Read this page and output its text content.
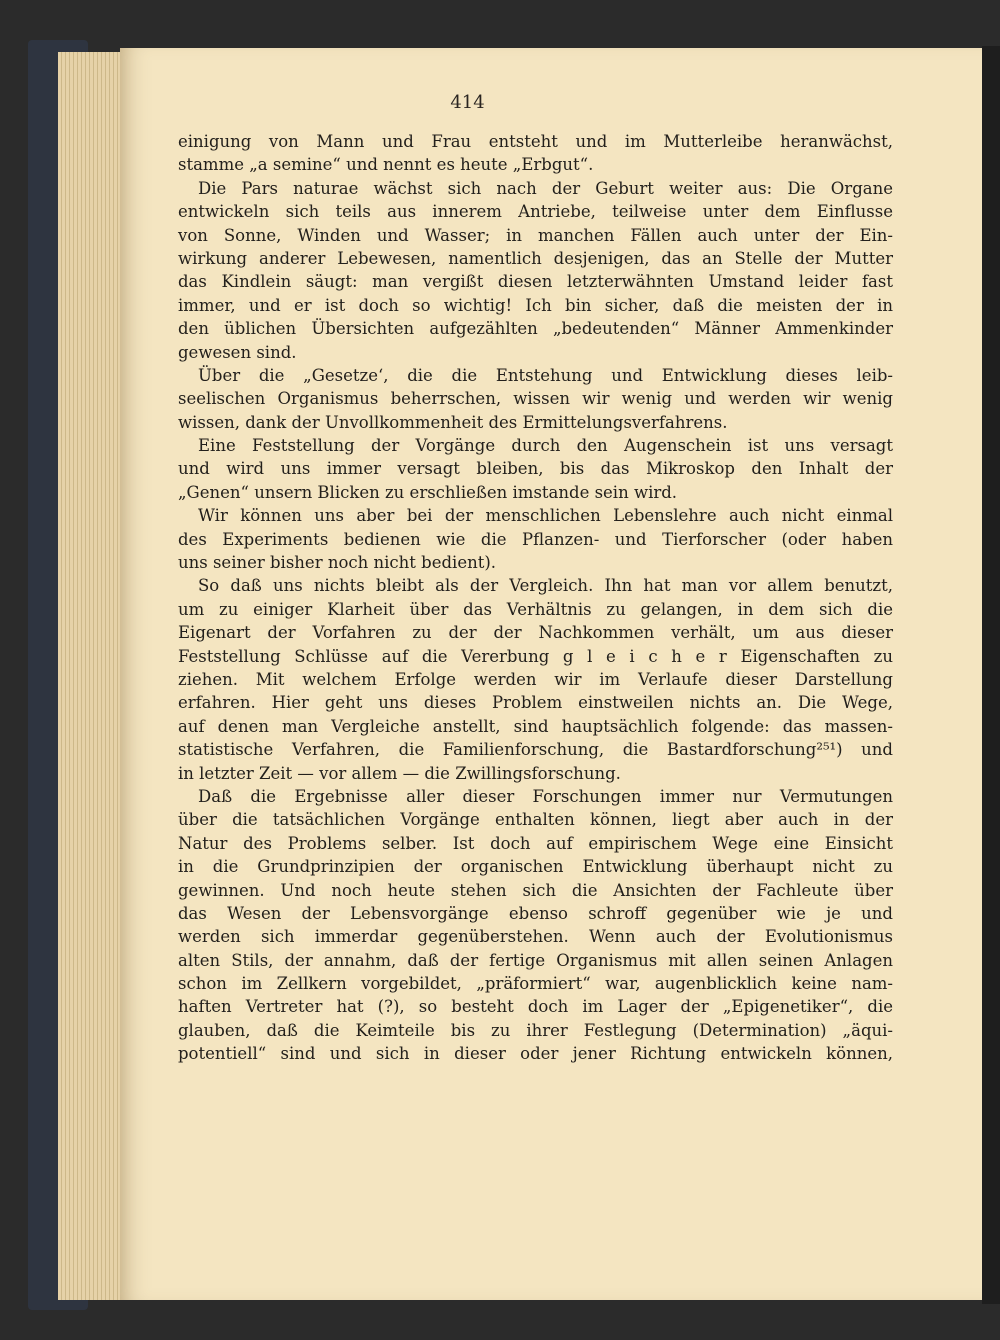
414
einigung von Mann und Frau entsteht und im Mutterleibe heranwächst,
stamme „a semine“ und nennt es heute „Erbgut“.
Die Pars naturae wächst sich nach der Geburt weiter aus: Die Organe
entwickeln sich teils aus innerem Antriebe, teilweise unter dem Einflusse
von Sonne, Winden und Wasser; in manchen Fällen auch unter der Ein-
wirkung anderer Lebewesen, namentlich desjenigen, das an Stelle der Mutter
das Kindlein säugt: man vergißt diesen letzterwähnten Umstand leider fast
immer, und er ist doch so wichtig! Ich bin sicher, daß die meisten der in
den üblichen Übersichten aufgezählten „bedeutenden“ Männer Ammenkinder
gewesen sind.
Über die „Gesetze‘, die die Entstehung und Entwicklung dieses leib-
seelischen Organismus beherrschen, wissen wir wenig und werden wir wenig
wissen, dank der Unvollkommenheit des Ermittelungsverfahrens.
Eine Feststellung der Vorgänge durch den Augenschein ist uns versagt
und wird uns immer versagt bleiben, bis das Mikroskop den Inhalt der
„Genen“ unsern Blicken zu erschließen imstande sein wird.
Wir können uns aber bei der menschlichen Lebenslehre auch nicht einmal
des Experiments bedienen wie die Pflanzen- und Tierforscher (oder haben
uns seiner bisher noch nicht bedient).
So daß uns nichts bleibt als der Vergleich. Ihn hat man vor allem benutzt,
um zu einiger Klarheit über das Verhältnis zu gelangen, in dem sich die
Eigenart der Vorfahren zu der der Nachkommen verhält, um aus dieser
Feststellung Schlüsse auf die Vererbung g l e i c h e r Eigenschaften zu
ziehen. Mit welchem Erfolge werden wir im Verlaufe dieser Darstellung
erfahren. Hier geht uns dieses Problem einstweilen nichts an. Die Wege,
auf denen man Vergleiche anstellt, sind hauptsächlich folgende: das massen-
statistische Verfahren, die Familienforschung, die Bastardforschung²⁵¹) und
in letzter Zeit — vor allem — die Zwillingsforschung.
Daß die Ergebnisse aller dieser Forschungen immer nur Vermutungen
über die tatsächlichen Vorgänge enthalten können, liegt aber auch in der
Natur des Problems selber. Ist doch auf empirischem Wege eine Einsicht
in die Grundprinzipien der organischen Entwicklung überhaupt nicht zu
gewinnen. Und noch heute stehen sich die Ansichten der Fachleute über
das Wesen der Lebensvorgänge ebenso schroff gegenüber wie je und
werden sich immerdar gegenüberstehen. Wenn auch der Evolutionismus
alten Stils, der annahm, daß der fertige Organismus mit allen seinen Anlagen
schon im Zellkern vorgebildet, „präformiert“ war, augenblicklich keine nam-
haften Vertreter hat (?), so besteht doch im Lager der „Epigenetiker“, die
glauben, daß die Keimteile bis zu ihrer Festlegung (Determination) „äqui-
potentiell“ sind und sich in dieser oder jener Richtung entwickeln können,
